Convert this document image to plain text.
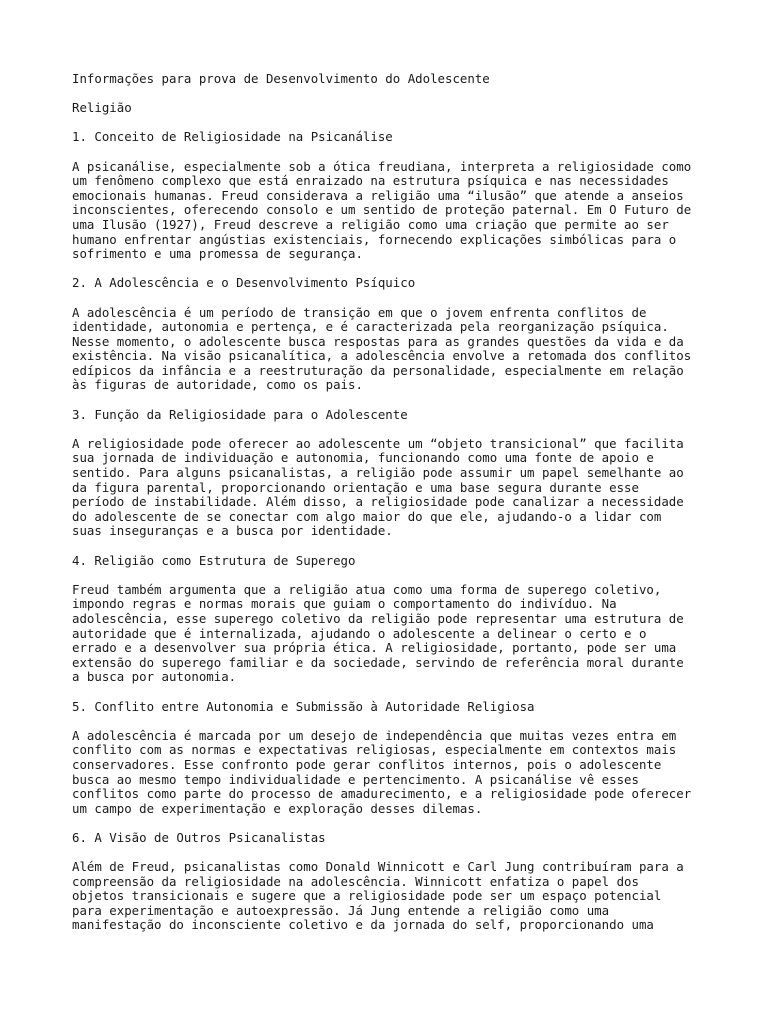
Informações para prova de Desenvolvimento do Adolescente
Religião
1. Conceito de Religiosidade na Psicanálise
A psicanálise, especialmente sob a ótica freudiana, interpreta a religiosidade como
um fenômeno complexo que está enraizado na estrutura psíquica e nas necessidades
emocionais humanas. Freud considerava a religião uma “ilusão” que atende a anseios
inconscientes, oferecendo consolo e um sentido de proteção paternal. Em O Futuro de
uma Ilusão (1927), Freud descreve a religião como uma criação que permite ao ser
humano enfrentar angústias existenciais, fornecendo explicações simbólicas para o
sofrimento e uma promessa de segurança.
2. A Adolescência e o Desenvolvimento Psíquico
A adolescência é um período de transição em que o jovem enfrenta conflitos de
identidade, autonomia e pertença, e é caracterizada pela reorganização psíquica.
Nesse momento, o adolescente busca respostas para as grandes questões da vida e da
existência. Na visão psicanalítica, a adolescência envolve a retomada dos conflitos
edípicos da infância e a reestruturação da personalidade, especialmente em relação
às figuras de autoridade, como os pais.
3. Função da Religiosidade para o Adolescente
A religiosidade pode oferecer ao adolescente um “objeto transicional” que facilita
sua jornada de individuação e autonomia, funcionando como uma fonte de apoio e
sentido. Para alguns psicanalistas, a religião pode assumir um papel semelhante ao
da figura parental, proporcionando orientação e uma base segura durante esse
período de instabilidade. Além disso, a religiosidade pode canalizar a necessidade
do adolescente de se conectar com algo maior do que ele, ajudando-o a lidar com
suas inseguranças e a busca por identidade.
4. Religião como Estrutura de Superego
Freud também argumenta que a religião atua como uma forma de superego coletivo,
impondo regras e normas morais que guiam o comportamento do indivíduo. Na
adolescência, esse superego coletivo da religião pode representar uma estrutura de
autoridade que é internalizada, ajudando o adolescente a delinear o certo e o
errado e a desenvolver sua própria ética. A religiosidade, portanto, pode ser uma
extensão do superego familiar e da sociedade, servindo de referência moral durante
a busca por autonomia.
5. Conflito entre Autonomia e Submissão à Autoridade Religiosa
A adolescência é marcada por um desejo de independência que muitas vezes entra em
conflito com as normas e expectativas religiosas, especialmente em contextos mais
conservadores. Esse confronto pode gerar conflitos internos, pois o adolescente
busca ao mesmo tempo individualidade e pertencimento. A psicanálise vê esses
conflitos como parte do processo de amadurecimento, e a religiosidade pode oferecer
um campo de experimentação e exploração desses dilemas.
6. A Visão de Outros Psicanalistas
Além de Freud, psicanalistas como Donald Winnicott e Carl Jung contribuíram para a
compreensão da religiosidade na adolescência. Winnicott enfatiza o papel dos
objetos transicionais e sugere que a religiosidade pode ser um espaço potencial
para experimentação e autoexpressão. Já Jung entende a religião como uma
manifestação do inconsciente coletivo e da jornada do self, proporcionando uma
